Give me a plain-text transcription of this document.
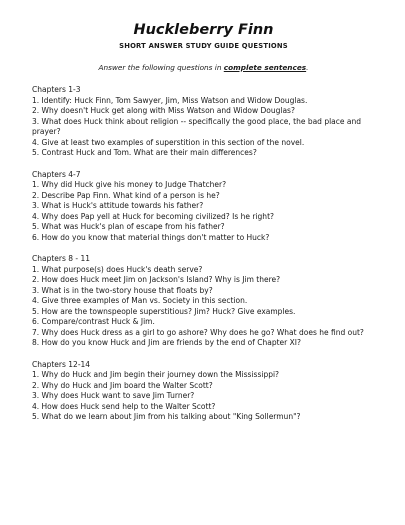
Huckleberry Finn
SHORT ANSWER STUDY GUIDE QUESTIONS
Answer the following questions in complete sentences.
Chapters 1-3
1. Identify: Huck Finn, Tom Sawyer, Jim, Miss Watson and Widow Douglas.
2. Why doesn't Huck get along with Miss Watson and Widow Douglas?
3. What does Huck think about religion -- specifically the good place, the bad place and prayer?
4. Give at least two examples of superstition in this section of the novel.
5. Contrast Huck and Tom. What are their main differences?
Chapters 4-7
1. Why did Huck give his money to Judge Thatcher?
2. Describe Pap Finn. What kind of a person is he?
3. What is Huck's attitude towards his father?
4. Why does Pap yell at Huck for becoming civilized? Is he right?
5. What was Huck's plan of escape from his father?
6. How do you know that material things don't matter to Huck?
Chapters 8 - 11
1. What purpose(s) does Huck's death serve?
2. How does Huck meet Jim on Jackson's Island? Why is Jim there?
3. What is in the two-story house that floats by?
4. Give three examples of Man vs. Society in this section.
5. How are the townspeople superstitious? Jim? Huck? Give examples.
6. Compare/contrast Huck & Jim.
7. Why does Huck dress as a girl to go ashore? Why does he go? What does he find out?
8. How do you know Huck and Jim are friends by the end of Chapter XI?
Chapters 12-14
1. Why do Huck and Jim begin their journey down the Mississippi?
2. Why do Huck and Jim board the Walter Scott?
3. Why does Huck want to save Jim Turner?
4. How does Huck send help to the Walter Scott?
5. What do we learn about Jim from his talking about "King Sollermun"?
